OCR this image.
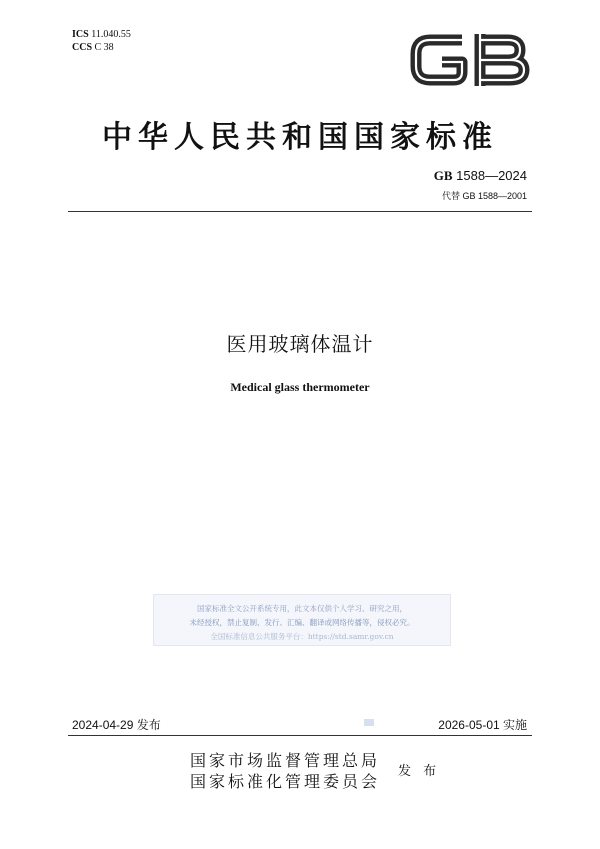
ICS 11.040.55
CCS C 38
GB
中华人民共和国国家标准
GB 1588—2024
代替 GB 1588—2001
医用玻璃体温计
Medical glass thermometer
国家标准全文公开系统专用，此文本仅供个人学习、研究之用，
未经授权，禁止复制、发行、汇编、翻译或网络传播等，侵权必究。
全国标准信息公共服务平台：https://std.samr.gov.cn
2024-04-29 发布	2026-05-01 实施
国家市场监督管理总局
国家标准化管理委员会
发 布
